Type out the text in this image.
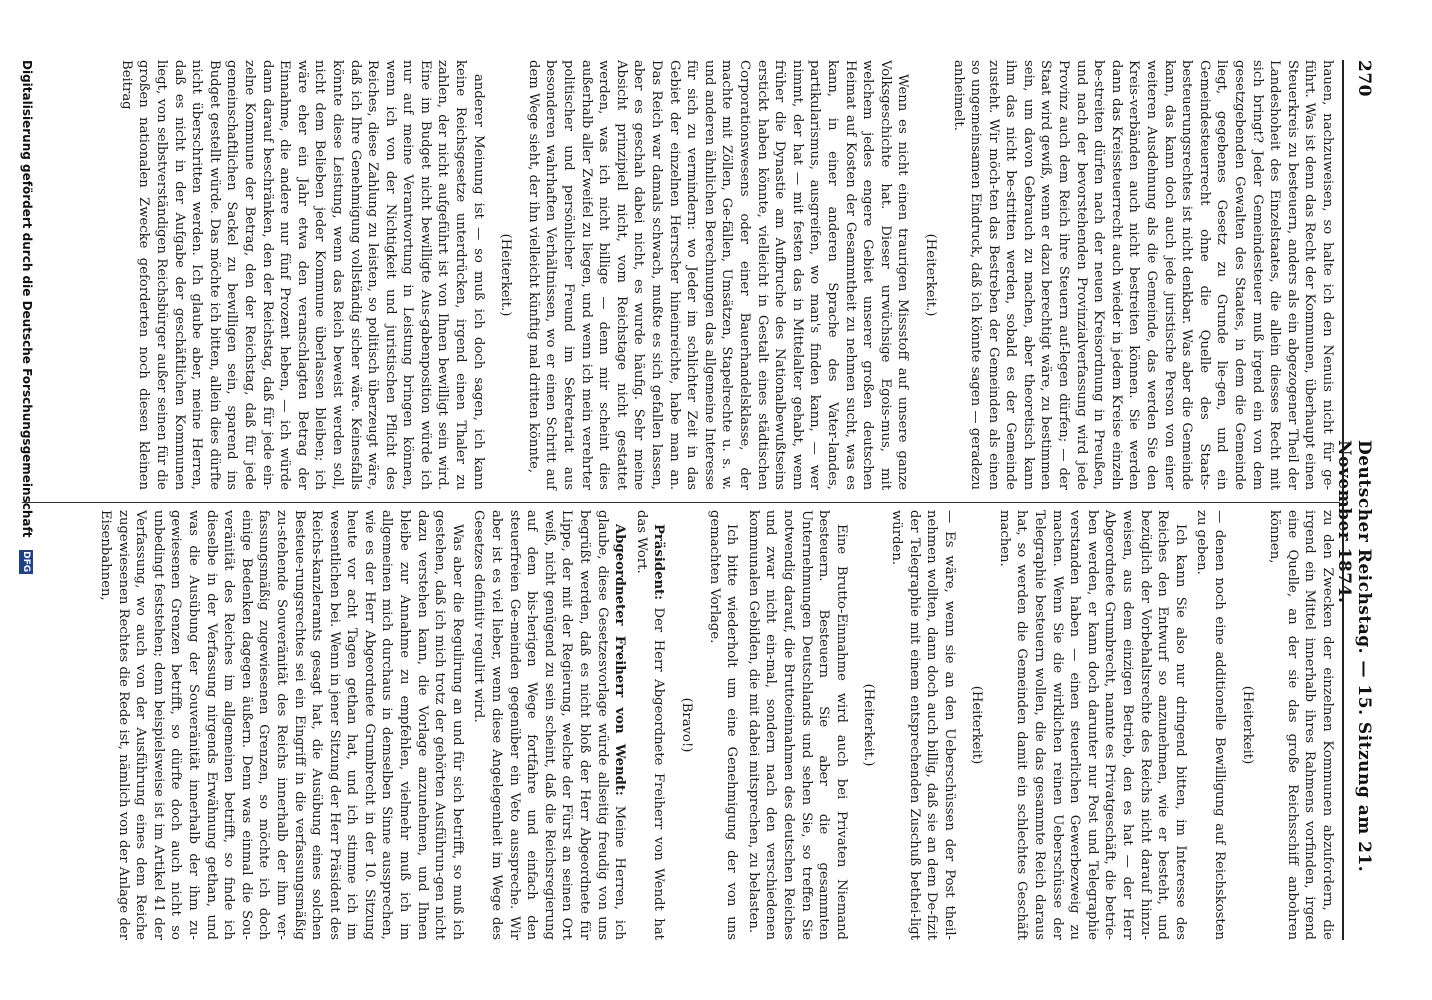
270
Deutscher Reichstag. — 15. Sitzung am 21. November 1874.

hauen, nachzuweisen, so halte ich den Nenuis nicht für ge-führt. Was ist denn das Recht der Kommunen, überhaupt einen Steuerkreis zu besteuern, anders als ein abgezogener Theil der Landeshoheit des Einzelstaates, die allein diesses Recht mit sich bringt? Jeder Gemeindesteuer muß irgend ein von dem gesetzgebenden Gewalten des Staates, in dem die Gemeinde liegt, gegebenes Gesetz zu Grunde lie-gen, und ein Gemeindesteuerrecht ohne die Quelle des Staats-besteuerungsrechtes ist nicht denkbar. Was aber die Gemeinde kann, das kann doch auch jede juristische Person von einer weiteren Ausdehnung als die Gemeinde, das werden Sie den Kreis-verbänden auch nicht bestreiten können. Sie werden dann das Kreissteuerrecht auch wieder in jedem Kreise einzeln be-streiten dürfen nach der neuen Kreisordnung in Preußen, und nach der bevorstehenden Provinzialverfassung wird jede Provinz auch dem Reich ihre Steuern auf-legen dürfen; — der Staat wird gewiß, wenn er dazu berechtigt wäre, zu bestimmen sein, um davon Gebrauch zu machen, aber theoretisch kann ihm das nicht be-stritten werden, sobald es der Gemeinde zusteht. Wir möch-ten das Bestreben der Gemeinden als einen so ungemeinsamen Eindruck, daß ich könnte sagen — geradezu anheimelt.

(Heiterkeit.)

Wenn es nicht einen traurigen Missstoff auf unsere ganze Volksgeschichte hat. Dieser urwüchsige Egois-mus, mit welchem jedes engere Gebiet unserer großen deutschen Heimat auf Kosten der Gesammtheit zu nehmen sucht, was es kann, in einer anderen Sprache des Vater-landes, partikularismus, ausgreifen, wo man's finden kann, — wer nimmt, der hat — mit festen das in Mittelalter gehabt, wenn früher die Dynastie am Aufbruche des Nationalbewußtseins erstickt haben könnte, vielleicht in Gestalt eines städtischen Corporationswesens oder einer Bauerhandelsklasse, der machte mit Zöllen, Ge-fällen, Umsätzen, Stapelrechte u. s. w. und anderen ähnlichen Berechnungen das allgemeine Interesse für sich zu vermindern: wo Jeder im schlichter Zeit in das Gebiet der einzelnen Herrscher hineinreichte, habe man an. Das Reich war damals schwach, mußte es sich gefallen lassen, aber es geschah dabei nicht, es wurde häufig. Sehr meine Absicht prinzipiell nicht, vom Reichstage nicht gestattet werden, was ich nicht billige — denn mir scheint dies außerhalb aller Zweifel zu liegen, und wenn ich mein verehrter politischer und persönlicher Freund im Sekretariat aus besonderen wahrhaften Verhältnissen, wo er einen Schritt auf dem Wege sieht, der ihn vielleicht künftig mal dritten könnte,

(Heiterkeit.)

anderer Meinung ist — so muß ich doch sagen, ich kann keine Reichsgesetze unterdrücken, irgend einen Thaler zu zahlen, der nicht aufgeführt ist von Ihnen bewilligt sein wird. Eine im Budget nicht bewilligte Aus-gabenposition würde ich nur auf meine Verantwortung in Leistung bringen können, wenn ich von der Nichtigkeit und juristischen Pflicht des Reiches, diese Zahlung zu leisten, so politisch überzeugt wäre, daß ich Ihre Genehmigung vollständig sicher wäre. Keinesfalls könnte diese Leistung, wenn das Reich beweist werden soll, nicht dem Belieben jeder Kommune überlassen bleiben; ich wäre eher ein Jahr etwa den veranschlagten Betrag der Einnahme, die andere nur fünf Prozent heben, — ich würde dann darauf beschränken, den der Reichstag, daß für jede ein-zelne Kommune der Betrag, den der Reichstag, daß für jede gemeinschaftlichen Sackel zu bewilligen sein, sparend ins Budget gestellt würde. Das möchte ich bitten, allein dies dürfte nicht überschritten werden. Ich glaube aber, meine Herren, daß es nicht in der Aufgabe der geschäftlichen Kommunen liegt, von selbstverständigen Reichsbürger außer seinen für die großen nationalen Zwecke geforderten noch diesen kleinen Beitrag

zu den Zwecken der einzelnen Kommunen abzufordern, die irgend ein Mittel innerhalb ihres Rahmens vorfinden, irgend eine Quelle, an der sie das große Reichsschiff anbohren können,

(Heiterkeit)

— denen noch eine additionelle Bewilligung auf Reichskosten zu geben.

Ich kann Sie also nur dringend bitten, im Interesse des Reiches den Entwurf so anzunehmen, wie er besteht, und bezüglich der Vorbehaltsrechte des Reichs nicht darauf hinzu-weisen, aus dem einzigen Betrieb, den es hat — der Herr Abgeordnete Grumbrecht, nannte es Privatgeschäft, die betrie-ben werden, er kann doch darunter nur Post und Telegraphie verstanden haben — einen steuerlichen Gewerbezweig zu machen. Wenn Sie die wirklichen reinen Ueberschüsse der Telegraphie besteuern wollen, die das gesammte Reich daraus hat, so werden die Gemeinden damit ein schlechtes Geschäft machen.

(Heiterkeit)

— Es wäre, wenn sie an den Ueberschüssen der Post theil-nehmen wollten, dann doch auch billig, daß sie an dem De-fizit der Telegraphie mit einem entsprechenden Zuschuß bethei-ligt würden.

(Heiterkeit.)

Eine Brutto-Einnahme wird auch bei Privaten Niemand besteuern. Besteuern Sie aber die gesammten Unternehmungen Deutschlands und sehen Sie, so treffen Sie notwendig darauf, die Bruttoeinnahmen des deutschen Reiches und zwar nicht ein-mal, sondern nach den verschiedenen kommunalen Gebilden, die mit dabei mitsprechen, zu belasten.

Ich bitte wiederholt um eine Genehmigung der von uns gemachten Vorlage.

(Bravo!)

Präsident: Der Herr Abgeordnete Freiherr von Wendt hat das Wort.

Abgeordneter Freiherr von Wendt: Meine Herren, ich glaube, diese Gesetzesvorlage würde allseitig freudig von uns begrüßt werden, daß es nicht bloß der Herr Abgeordnete für Lippe, der mit der Regierung, welche der Fürst an seinen Ort weiß, nicht genügend zu sein scheint, daß die Reichsregierung auf dem bis-herigen Wege fortfahre und einfach den steuerfreien Ge-meinden gegenüber ein Veto ausspreche. Wir aber ist es viel lieber, wenn diese Angelegenheit im Wege des Gesetzes definitiv regulirt wird.

Was aber die Regulirung an und für sich betrifft, so muß ich gestehen, daß ich mich trotz der gehörten Ausführun-gen nicht dazu verstehen kann, die Vorlage anzunehmen, und Ihnen bleibe zur Annahme zu empfehlen, vielmehr muß ich im allgemeinen mich durchaus in demselben Sinne aussprechen, wie es der Herr Abgeordnete Grumbrecht in der 10. Sitzung heute vor acht Tagen gethan hat, und ich stimme ich im wesentlichen bei. Wenn in jener Sitzung der Herr Präsident des Reichs-kanzleramts gesagt hat, die Ausübung eines solchen Besteue-rungsrechtes sei ein Eingriff in die verfassungsmäßig zu-stehende Souveränität des Reichs innerhalb der ihm ver-fassungsmäßig zugewiesenen Grenzen, so möchte ich doch einige Bedenken dagegen äußern. Denn was einmal die Sou-veränität des Reiches im allgemeinen betrifft, so finde ich dieselbe in der Verfassung nirgends Erwähnung gethan, und was die Ausübung der Souveränität innerhalb der ihm zu-gewiesenen Grenzen betrifft, so dürfte doch auch nicht so unbedingt feststehen; denn beispielsweise ist im Artikel 41 der Verfassung, wo auch von der Ausführung eines dem Reiche zugewiesenen Rechtes die Rede ist, nämlich von der Anlage der Eisenbahnen,

Digitalisierung gefördert durch die Deutsche Forschungsgemeinschaft DFG
